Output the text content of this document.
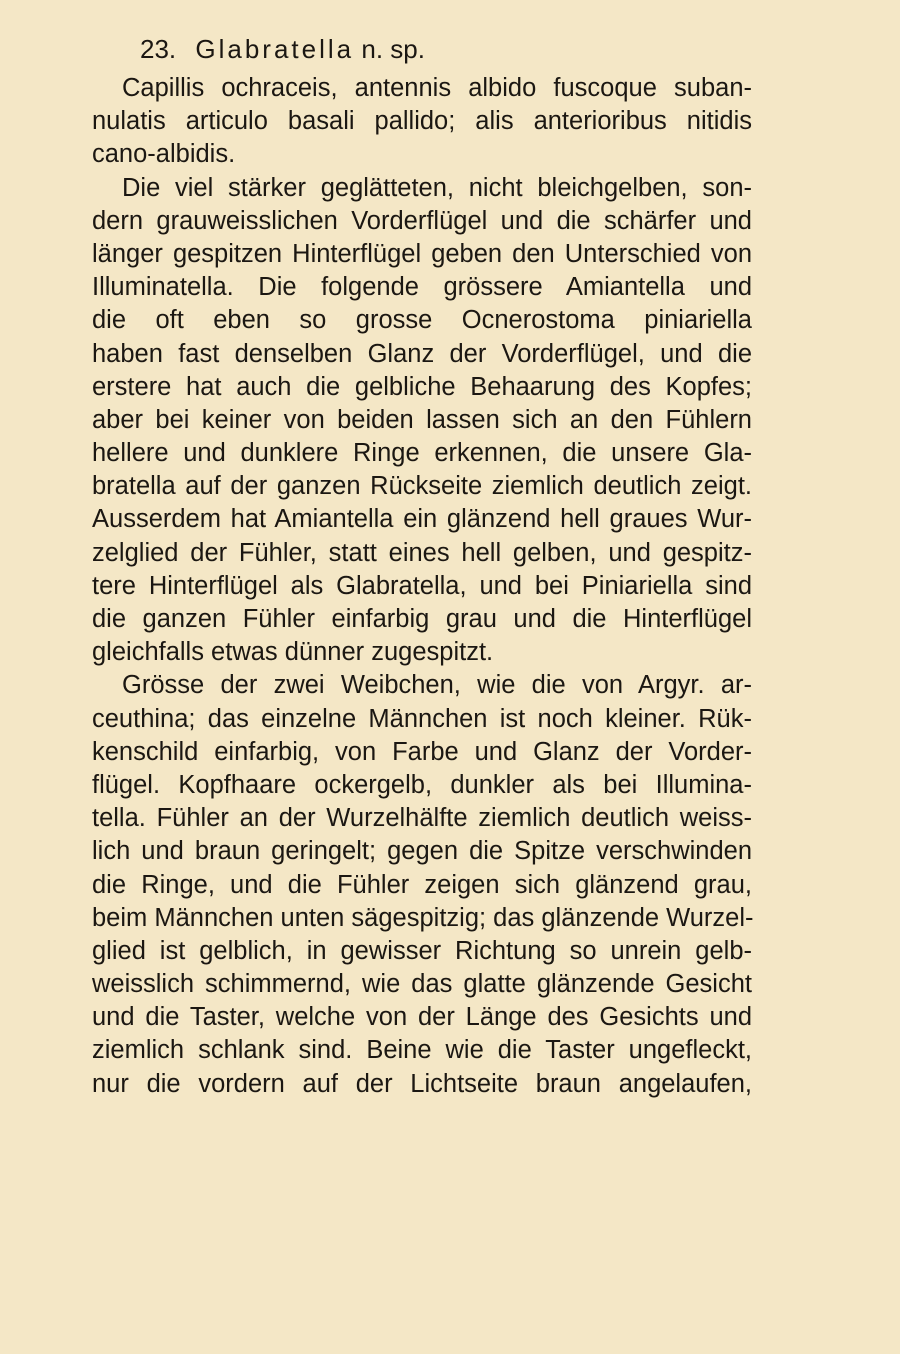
23. Glabratella n. sp.
Capillis ochraceis, antennis albido fuscoque suban-
nulatis articulo basali pallido; alis anterioribus nitidis
cano-albidis.
Die viel stärker geglätteten, nicht bleichgelben, son-
dern grauweisslichen Vorderflügel und die schärfer und
länger gespitzen Hinterflügel geben den Unterschied von
Illuminatella. Die folgende grössere Amiantella und
die oft eben so grosse Ocnerostoma piniariella
haben fast denselben Glanz der Vorderflügel, und die
erstere hat auch die gelbliche Behaarung des Kopfes;
aber bei keiner von beiden lassen sich an den Fühlern
hellere und dunklere Ringe erkennen, die unsere Gla-
bratella auf der ganzen Rückseite ziemlich deutlich zeigt.
Ausserdem hat Amiantella ein glänzend hell graues Wur-
zelglied der Fühler, statt eines hell gelben, und gespitz-
tere Hinterflügel als Glabratella, und bei Piniariella sind
die ganzen Fühler einfarbig grau und die Hinterflügel
gleichfalls etwas dünner zugespitzt.
Grösse der zwei Weibchen, wie die von Argyr. ar-
ceuthina; das einzelne Männchen ist noch kleiner. Rük-
kenschild einfarbig, von Farbe und Glanz der Vorder-
flügel. Kopfhaare ockergelb, dunkler als bei Illumina-
tella. Fühler an der Wurzelhälfte ziemlich deutlich weiss-
lich und braun geringelt; gegen die Spitze verschwinden
die Ringe, und die Fühler zeigen sich glänzend grau,
beim Männchen unten sägespitzig; das glänzende Wurzel-
glied ist gelblich, in gewisser Richtung so unrein gelb-
weisslich schimmernd, wie das glatte glänzende Gesicht
und die Taster, welche von der Länge des Gesichts und
ziemlich schlank sind. Beine wie die Taster ungefleckt,
nur die vordern auf der Lichtseite braun angelaufen,
